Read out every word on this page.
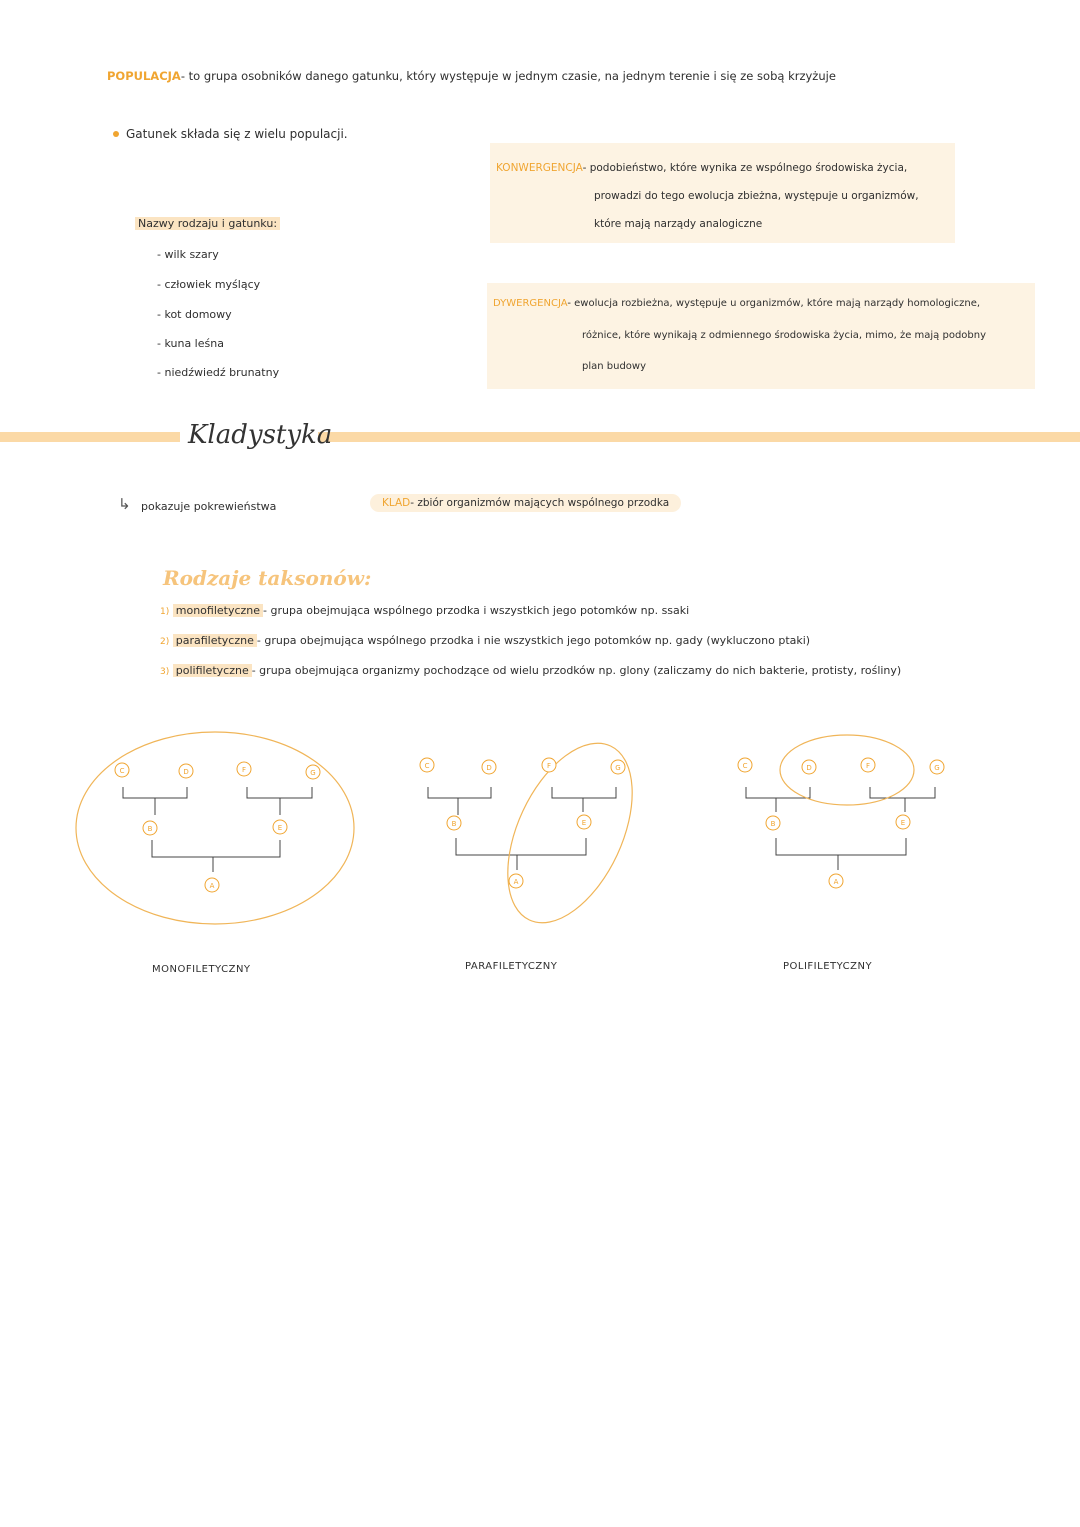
POPULACJA- to grupa osobników danego gatunku, który występuje w jednym czasie, na jednym terenie i się ze sobą krzyżuje
Gatunek składa się z wielu populacji.
Nazwy rodzaju i gatunku:
- wilk szary
- człowiek myślący
- kot domowy
- kuna leśna
- niedźwiedź brunatny
KONWERGENCJA- podobieństwo, które wynika ze wspólnego środowiska życia,
prowadzi do tego ewolucja zbieżna, występuje u organizmów,
które mają narządy analogiczne
DYWERGENCJA- ewolucja rozbieżna, występuje u organizmów, które mają narządy homologiczne,
różnice, które wynikają z odmiennego środowiska życia, mimo, że mają podobny
plan budowy
Kladystyka
↳ pokazuje pokrewieństwa	KLAD- zbiór organizmów mających wspólnego przodka
Rodzaje taksonów:
1) monofiletyczne - grupa obejmująca wspólnego przodka i wszystkich jego potomków np. ssaki
2) parafiletyczne - grupa obejmująca wspólnego przodka i nie wszystkich jego potomków np. gady (wykluczono ptaki)
3) polifiletyczne - grupa obejmująca organizmy pochodzące od wielu przodków np. glony (zaliczamy do nich bakterie, protisty, rośliny)
C	D	F	G
B	E
A
C	D	F	G
B	E
A
C	D	F	G
B	E
A
MONOFILETYCZNY	PARAFILETYCZNY	POLIFILETYCZNY
